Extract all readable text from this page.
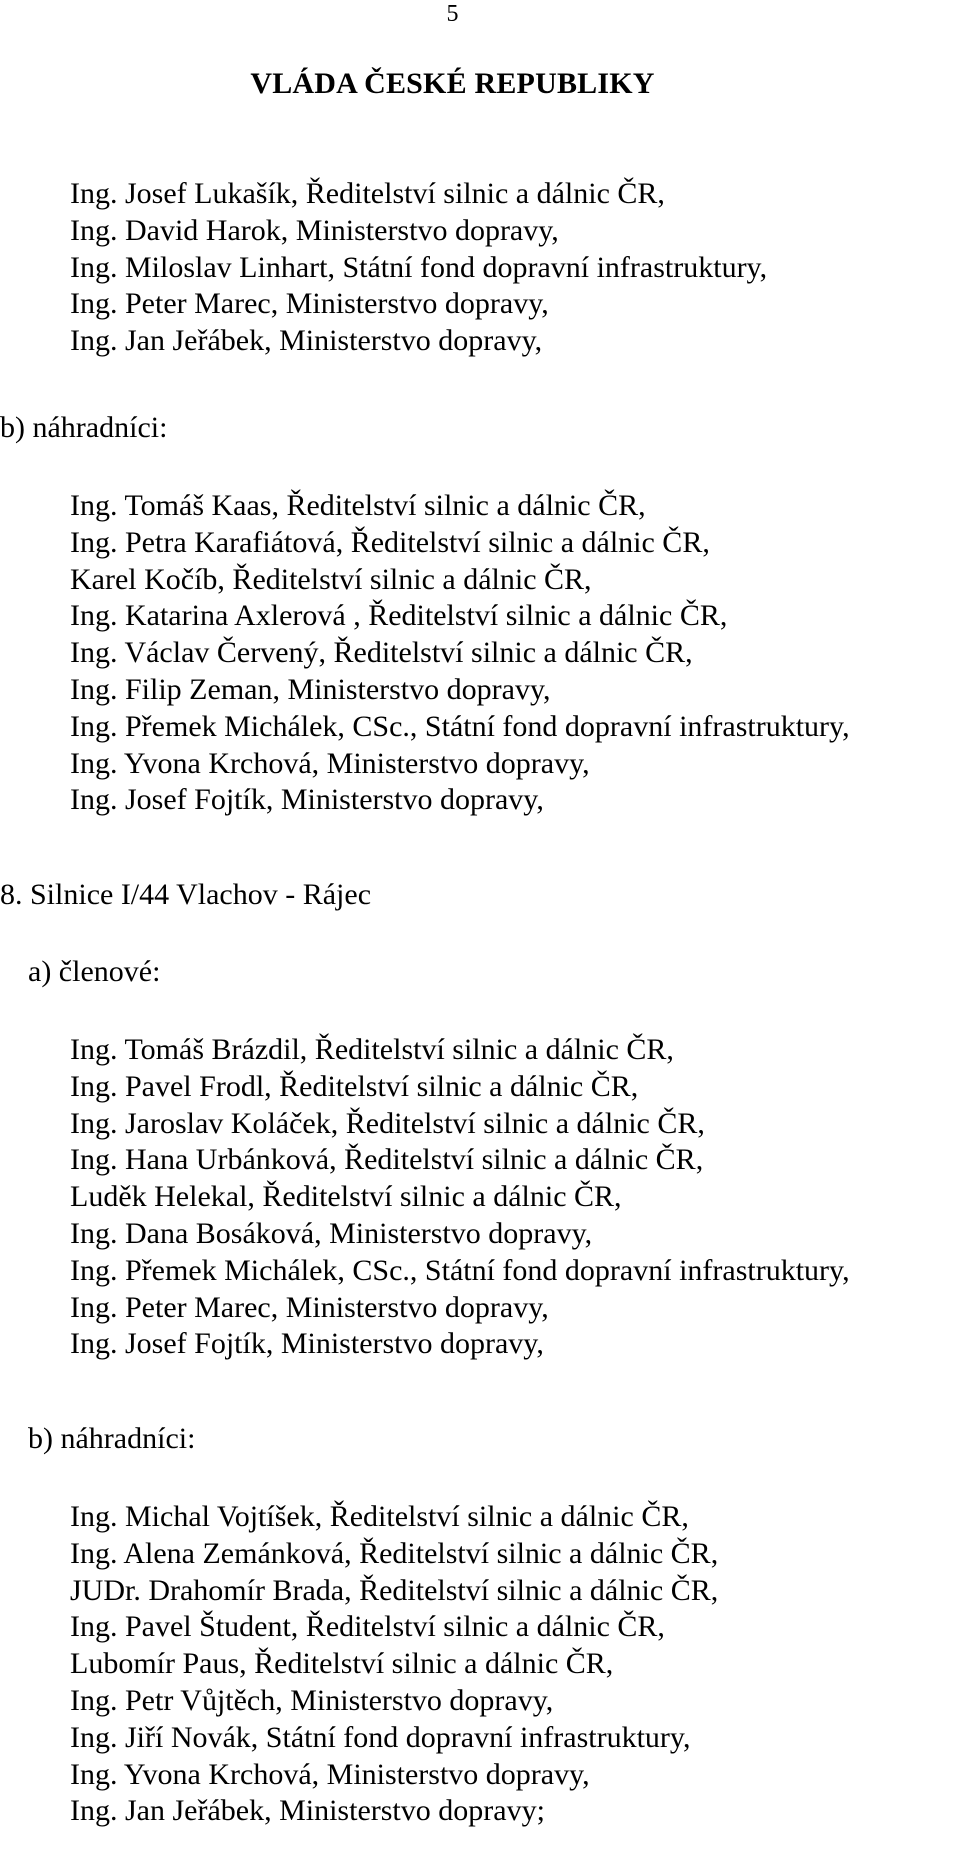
5
VLÁDA ČESKÉ REPUBLIKY
Ing. Josef Lukašík, Ředitelství silnic a dálnic ČR,
Ing. David Harok, Ministerstvo dopravy,
Ing. Miloslav Linhart, Státní fond dopravní infrastruktury,
Ing. Peter Marec, Ministerstvo dopravy,
Ing. Jan Jeřábek, Ministerstvo dopravy,
b) náhradníci:
Ing. Tomáš Kaas, Ředitelství silnic a dálnic ČR,
Ing. Petra Karafiátová, Ředitelství silnic a dálnic ČR,
Karel Kočíb, Ředitelství silnic a dálnic ČR,
Ing. Katarina Axlerová , Ředitelství silnic a dálnic ČR,
Ing. Václav Červený, Ředitelství silnic a dálnic ČR,
Ing. Filip Zeman, Ministerstvo dopravy,
Ing. Přemek Michálek, CSc., Státní fond dopravní infrastruktury,
Ing. Yvona Krchová, Ministerstvo dopravy,
Ing. Josef Fojtík, Ministerstvo dopravy,
8. Silnice I/44 Vlachov - Rájec
a) členové:
Ing. Tomáš Brázdil, Ředitelství silnic a dálnic ČR,
Ing. Pavel Frodl, Ředitelství silnic a dálnic ČR,
Ing. Jaroslav Koláček, Ředitelství silnic a dálnic ČR,
Ing. Hana Urbánková, Ředitelství silnic a dálnic ČR,
Luděk Helekal, Ředitelství silnic a dálnic ČR,
Ing. Dana Bosáková, Ministerstvo dopravy,
Ing. Přemek Michálek, CSc., Státní fond dopravní infrastruktury,
Ing. Peter Marec, Ministerstvo dopravy,
Ing. Josef Fojtík, Ministerstvo dopravy,
b) náhradníci:
Ing. Michal Vojtíšek, Ředitelství silnic a dálnic ČR,
Ing. Alena Zemánková, Ředitelství silnic a dálnic ČR,
JUDr. Drahomír Brada, Ředitelství silnic a dálnic ČR,
Ing. Pavel Študent, Ředitelství silnic a dálnic ČR,
Lubomír Paus, Ředitelství silnic a dálnic ČR,
Ing. Petr Vůjtěch, Ministerstvo dopravy,
Ing. Jiří Novák, Státní fond dopravní infrastruktury,
Ing. Yvona Krchová, Ministerstvo dopravy,
Ing. Jan Jeřábek, Ministerstvo dopravy;
